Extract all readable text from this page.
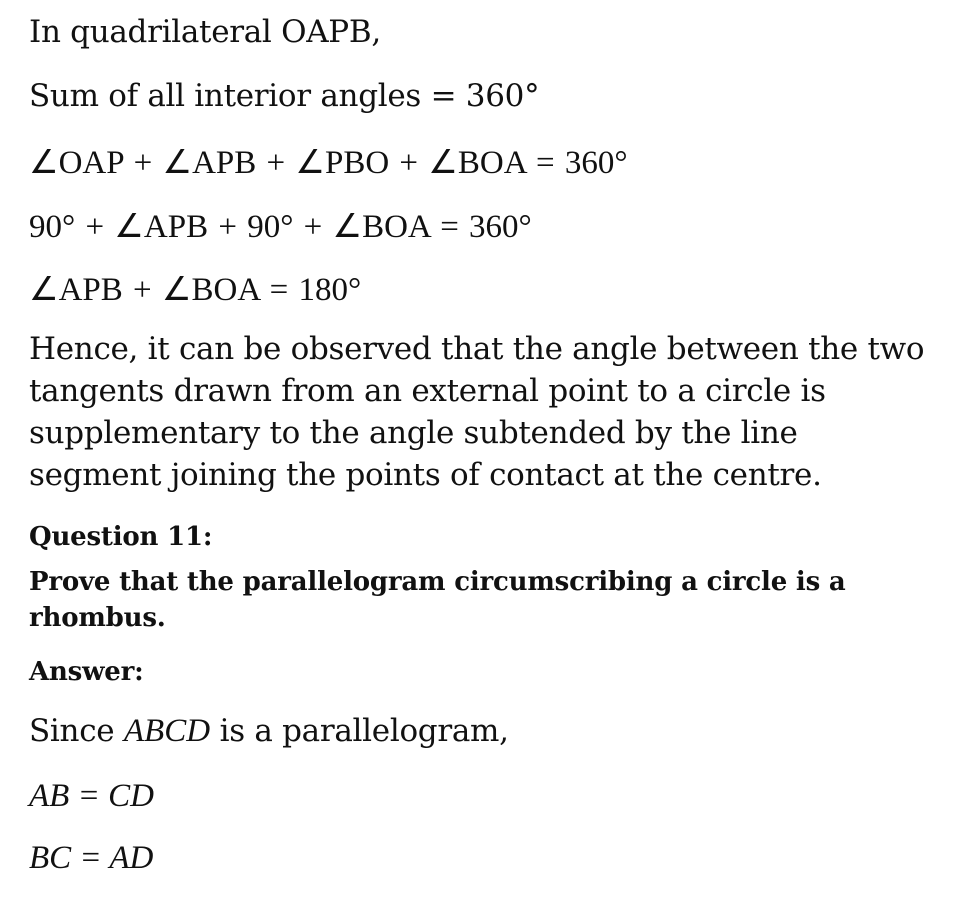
In quadrilateral OAPB,
Sum of all interior angles = 360°
∠OAP + ∠APB + ∠PBO + ∠BOA = 360°
90° + ∠APB + 90° + ∠BOA = 360°
∠APB + ∠BOA = 180°
Hence, it can be observed that the angle between the two tangents drawn from an external point to a circle is supplementary to the angle subtended by the line segment joining the points of contact at the centre.
Question 11:
Prove that the parallelogram circumscribing a circle is a rhombus.
Answer:
Since ABCD is a parallelogram,
AB = CD
BC = AD
